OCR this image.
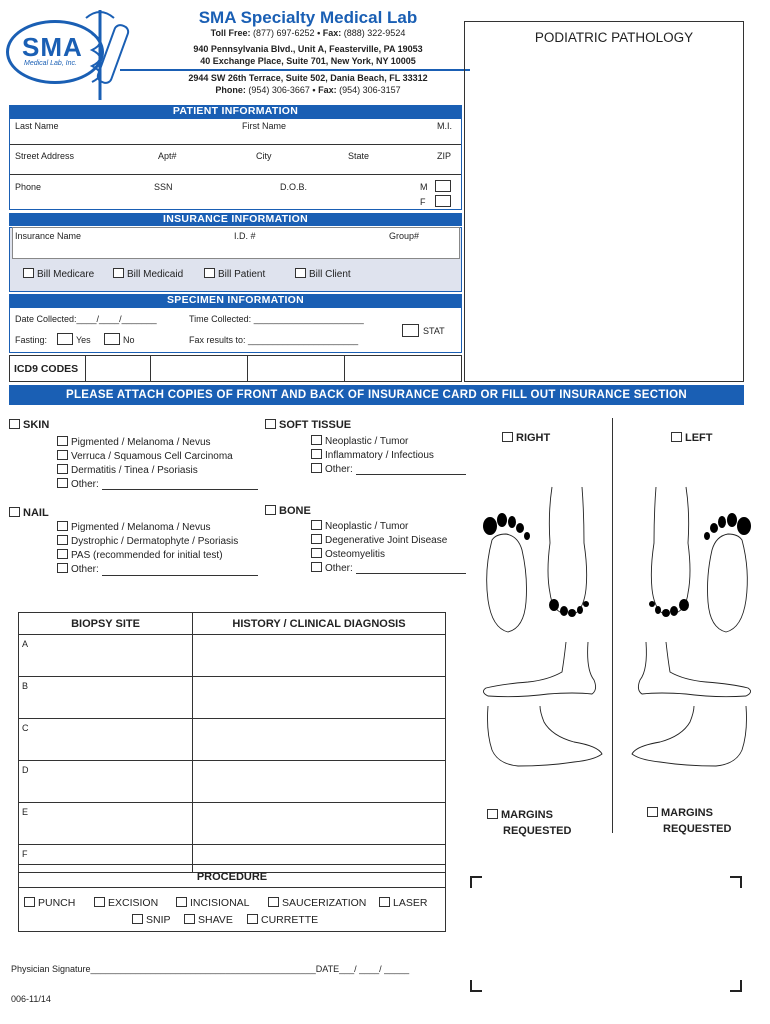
SMA
Medical Lab, Inc.
SMA Specialty Medical Lab
Toll Free: (877) 697-6252 • Fax: (888) 322-9524
940 Pennsylvania Blvd., Unit A, Feasterville, PA 19053
40 Exchange Place, Suite 701, New York, NY 10005
2944 SW 26th Terrace, Suite 502, Dania Beach, FL 33312
Phone: (954) 306-3667 • Fax: (954) 306-3157
PODIATRIC PATHOLOGY
PATIENT INFORMATION
Last Name	First Name	M.I.
Street Address	Apt#	City	State	ZIP
Phone	SSN	D.O.B.	M
F
INSURANCE INFORMATION
Insurance Name	I.D. #	Group#
Bill Medicare	Bill Medicaid	Bill Patient	Bill Client
SPECIMEN INFORMATION
Date Collected:____/____/_______	Time Collected: ______________________
Fasting:	Yes	No	Fax results to: ______________________
STAT
ICD9 CODES
PLEASE ATTACH COPIES OF FRONT AND BACK OF INSURANCE CARD OR FILL OUT INSURANCE SECTION
SKIN
Pigmented / Melanoma / Nevus
Verruca / Squamous Cell Carcinoma
Dermatitis / Tinea / Psoriasis
Other:
SOFT TISSUE
Neoplastic / Tumor
Inflammatory / Infectious
Other:
NAIL
Pigmented / Melanoma / Nevus
Dystrophic / Dermatophyte / Psoriasis
PAS (recommended for initial test)
Other:
BONE
Neoplastic / Tumor
Degenerative Joint Disease
Osteomyelitis
Other:
RIGHT	LEFT
MARGINS
REQUESTED
MARGINS
REQUESTED
BIOPSY SITE	HISTORY / CLINICAL DIAGNOSIS
A	
B	
C	
D	
E	
F	
PROCEDURE
PUNCH	EXCISION	INCISIONAL	SAUCERIZATION	LASER
SNIP	SHAVE	CURRETTE
Physician Signature_____________________________________________DATE___/ ____/ _____
006-11/14
